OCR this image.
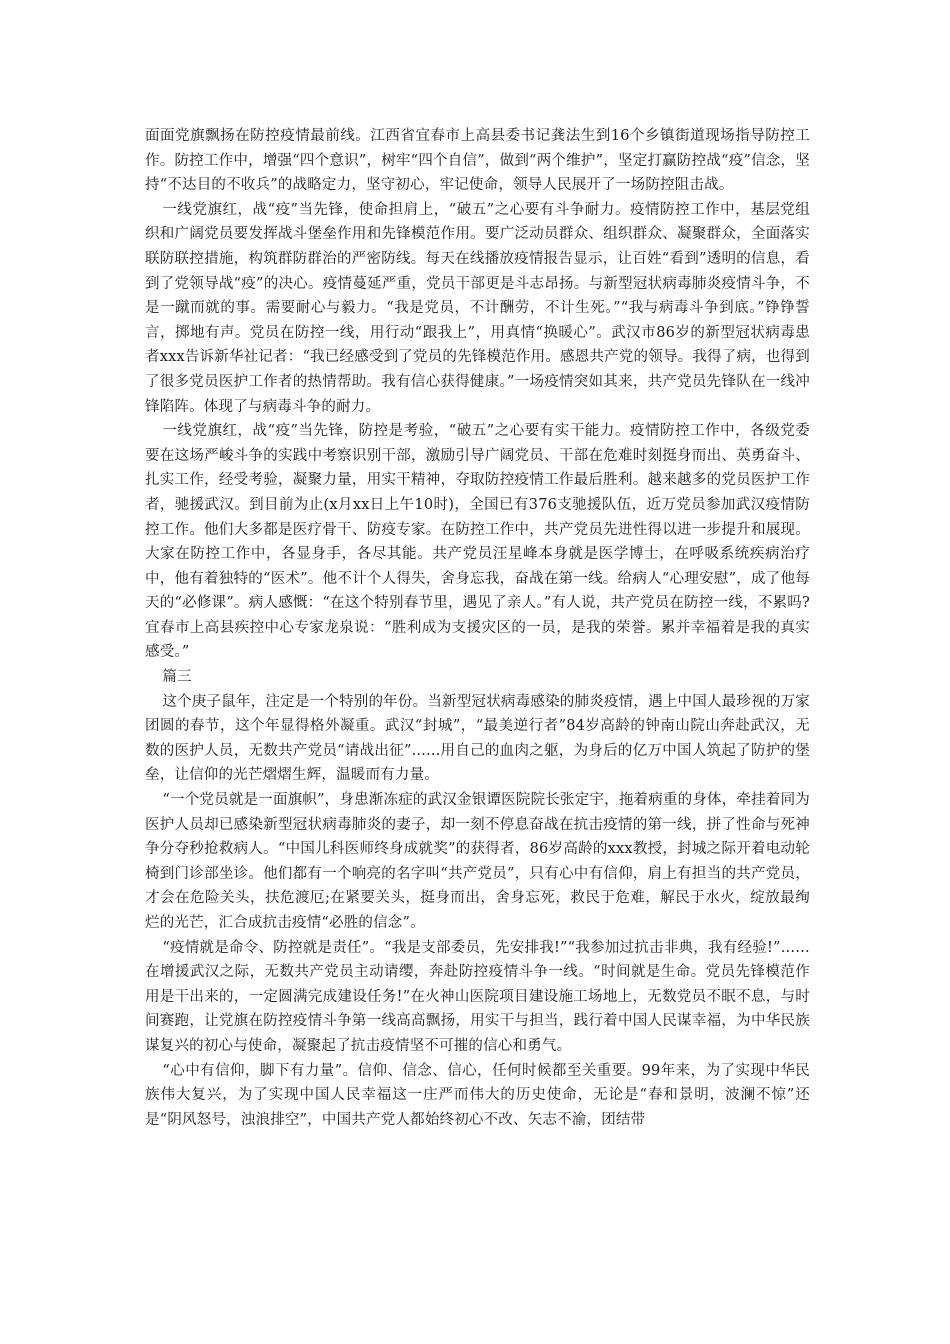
面面党旗飘扬在防控疫情最前线。江西省宜春市上高县委书记龚法生到16个乡镇街道现场指导防控工作。防控工作中，增强“四个意识”，树牢“四个自信”，做到“两个维护”，坚定打赢防控战“疫”信念，坚持“不达目的不收兵”的战略定力，坚守初心，牢记使命，领导人民展开了一场防控阻击战。

一线党旗红，战“疫”当先锋，使命担肩上，“破五”之心要有斗争耐力。疫情防控工作中，基层党组织和广阔党员要发挥战斗堡垒作用和先锋模范作用。要广泛动员群众、组织群众、凝聚群众，全面落实联防联控措施，构筑群防群治的严密防线。每天在线播放疫情报告显示，让百姓“看到”透明的信息，看到了党领导战“疫”的决心。疫情蔓延严重，党员干部更是斗志昂扬。与新型冠状病毒肺炎疫情斗争，不是一蹴而就的事。需要耐心与毅力。“我是党员，不计酬劳，不计生死。”“我与病毒斗争到底。”铮铮誓言，掷地有声。党员在防控一线，用行动“跟我上”，用真情“换暖心”。武汉市86岁的新型冠状病毒患者xxx告诉新华社记者：“我已经感受到了党员的先锋模范作用。感恩共产党的领导。我得了病，也得到了很多党员医护工作者的热情帮助。我有信心获得健康。”一场疫情突如其来，共产党员先锋队在一线冲锋陷阵。体现了与病毒斗争的耐力。

一线党旗红，战“疫”当先锋，防控是考验，“破五”之心要有实干能力。疫情防控工作中，各级党委要在这场严峻斗争的实践中考察识别干部，激励引导广阔党员、干部在危难时刻挺身而出、英勇奋斗、扎实工作，经受考验，凝聚力量，用实干精神，夺取防控疫情工作最后胜利。越来越多的党员医护工作者，驰援武汉。到目前为止(x月xx日上午10时)，全国已有376支驰援队伍，近万党员参加武汉疫情防控工作。他们大多都是医疗骨干、防疫专家。在防控工作中，共产党员先进性得以进一步提升和展现。大家在防控工作中，各显身手，各尽其能。共产党员汪星峰本身就是医学博士，在呼吸系统疾病治疗中，他有着独特的“医术”。他不计个人得失，舍身忘我，奋战在第一线。给病人“心理安慰”，成了他每天的“必修课”。病人感慨：“在这个特别春节里，遇见了亲人。”有人说，共产党员在防控一线，不累吗?宜春市上高县疾控中心专家龙泉说：“胜利成为支援灾区的一员，是我的荣誉。累并幸福着是我的真实感受。”

篇三

这个庚子鼠年，注定是一个特别的年份。当新型冠状病毒感染的肺炎疫情，遇上中国人最珍视的万家团圆的春节，这个年显得格外凝重。武汉“封城”，“最美逆行者”84岁高龄的钟南山院山奔赴武汉，无数的医护人员，无数共产党员“请战出征”......用自己的血肉之躯，为身后的亿万中国人筑起了防护的堡垒，让信仰的光芒熠熠生辉，温暖而有力量。

“一个党员就是一面旗帜”，身患渐冻症的武汉金银谭医院院长张定宇，拖着病重的身体，牵挂着同为医护人员却已感染新型冠状病毒肺炎的妻子，却一刻不停息奋战在抗击疫情的第一线，拼了性命与死神争分夺秒抢救病人。“中国儿科医师终身成就奖”的获得者，86岁高龄的xxx教授，封城之际开着电动轮椅到门诊部坐诊。他们都有一个响亮的名字叫“共产党员”，只有心中有信仰，肩上有担当的共产党员，才会在危险关头，扶危渡厄;在紧要关头，挺身而出，舍身忘死，救民于危难，解民于水火，绽放最绚烂的光芒，汇合成抗击疫情“必胜的信念”。

“疫情就是命令、防控就是责任”。“我是支部委员，先安排我!”“我参加过抗击非典，我有经验!”……在增援武汉之际，无数共产党员主动请缨，奔赴防控疫情斗争一线。“时间就是生命。党员先锋模范作用是干出来的，一定圆满完成建设任务!”在火神山医院项目建设施工场地上，无数党员不眠不息，与时间赛跑，让党旗在防控疫情斗争第一线高高飘扬，用实干与担当，践行着中国人民谋幸福，为中华民族谋复兴的初心与使命，凝聚起了抗击疫情坚不可摧的信心和勇气。

“心中有信仰，脚下有力量”。信仰、信念、信心，任何时候都至关重要。99年来，为了实现中华民族伟大复兴，为了实现中国人民幸福这一庄严而伟大的历史使命，无论是“春和景明，波澜不惊”还是“阴风怒号，浊浪排空”，中国共产党人都始终初心不改、矢志不渝，团结带
